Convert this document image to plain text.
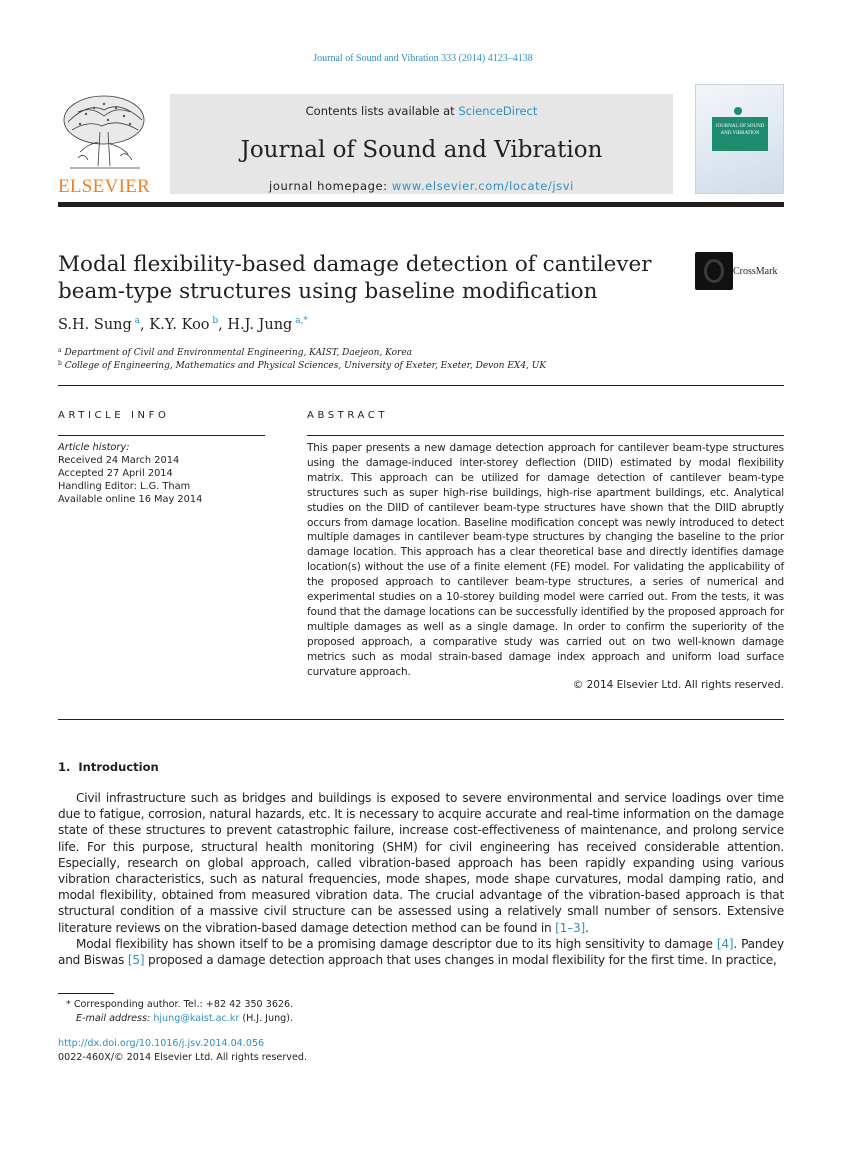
Journal of Sound and Vibration 333 (2014) 4123–4138
ELSEVIER
Contents lists available at ScienceDirect
Journal of Sound and Vibration
journal homepage: www.elsevier.com/locate/jsvi
JOURNAL OF SOUND AND VIBRATION
Modal flexibility-based damage detection of cantilever
beam-type structures using baseline modification
CrossMark
S.H. Sung $^a$, K.Y. Koo $^b$, H.J. Jung $^{a,*}$
$^a$ Department of Civil and Environmental Engineering, KAIST, Daejeon, Korea
$^b$ College of Engineering, Mathematics and Physical Sciences, University of Exeter, Exeter, Devon EX4, UK
ARTICLE INFO	ABSTRACT
Article history:
Received 24 March 2014
Accepted 27 April 2014
Handling Editor: L.G. Tham
Available online 16 May 2014
This paper presents a new damage detection approach for cantilever beam-type structures using the damage-induced inter-storey deflection (DIID) estimated by modal flexibility matrix. This approach can be utilized for damage detection of cantilever beam-type structures such as super high-rise buildings, high-rise apartment buildings, etc. Analytical studies on the DIID of cantilever beam-type structures have shown that the DIID abruptly occurs from damage location. Baseline modification concept was newly introduced to detect multiple damages in cantilever beam-type structures by changing the baseline to the prior damage location. This approach has a clear theoretical base and directly identifies damage location(s) without the use of a finite element (FE) model. For validating the applicability of the proposed approach to cantilever beam-type structures, a series of numerical and experimental studies on a 10-storey building model were carried out. From the tests, it was found that the damage locations can be successfully identified by the proposed approach for multiple damages as well as a single damage. In order to confirm the superiority of the proposed approach, a comparative study was carried out on two well-known damage metrics such as modal strain-based damage index approach and uniform load surface curvature approach.
© 2014 Elsevier Ltd. All rights reserved.
1. Introduction

Civil infrastructure such as bridges and buildings is exposed to severe environmental and service loadings over time due to fatigue, corrosion, natural hazards, etc. It is necessary to acquire accurate and real-time information on the damage state of these structures to prevent catastrophic failure, increase cost-effectiveness of maintenance, and prolong service life. For this purpose, structural health monitoring (SHM) for civil engineering has received considerable attention. Especially, research on global approach, called vibration-based approach has been rapidly expanding using various vibration characteristics, such as natural frequencies, mode shapes, mode shape curvatures, modal damping ratio, and modal flexibility, obtained from measured vibration data. The crucial advantage of the vibration-based approach is that structural condition of a massive civil structure can be assessed using a relatively small number of sensors. Extensive literature reviews on the vibration-based damage detection method can be found in [1–3].

Modal flexibility has shown itself to be a promising damage descriptor due to its high sensitivity to damage [4]. Pandey and Biswas [5] proposed a damage detection approach that uses changes in modal flexibility for the first time. In practice,

* Corresponding author. Tel.: +82 42 350 3626.
E-mail address: hjung@kaist.ac.kr (H.J. Jung).
http://dx.doi.org/10.1016/j.jsv.2014.04.056
0022-460X/© 2014 Elsevier Ltd. All rights reserved.
